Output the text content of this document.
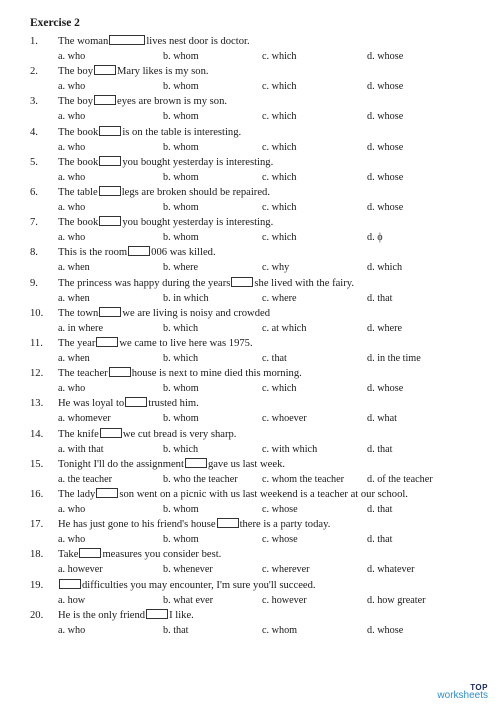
Exercise 2
1. The woman	lives nest door is doctor.
a. who	b. whom	c. which	d. whose
2. The boy Mary likes is my son.
a. who	b. whom	c. which	d. whose
3. The boy eyes are brown is my son.
a. who	b. whom	c. which	d. whose
4. The book is on the table is interesting.
a. who	b. whom	c. which	d. whose
5. The book you bought yesterday is interesting.
a. who	b. whom	c. which	d. whose
6. The table legs are broken should be repaired.
a. who	b. whom	c. which	d. whose
7. The book you bought yesterday is interesting.
a. who	b. whom	c. which	d. ϕ
8. This is the room 006 was killed.
a. when	b. where	c. why	d. which
9. The princess was happy during the years she lived with the fairy.
a. when	b. in which	c. where	d. that
10. The town we are living is noisy and crowded
a. in where	b. which	c. at which	d. where
11. The year we came to live here was 1975.
a. when	b. which	c. that	d. in the time
12. The teacher house is next to mine died this morning.
a. who	b. whom	c. which	d. whose
13. He was loyal to trusted him.
a. whomever	b. whom	c. whoever	d. what
14. The knife we cut bread is very sharp.
a. with that	b. which	c. with which	d. that
15. Tonight I'll do the assignment gave us last week.
a. the teacher	b. who the teacher c. whom the teacher d. of the teacher
16. The lady son went on a picnic with us last weekend is a teacher at our school.
a. who	b. whom	c. whose	d. that
17. He has just gone to his friend's house there is a party today.
a. who	b. whom	c. whose	d. that
18. Take measures you consider best.
a. however	b. whenever	c. wherever	d. whatever
19.	difficulties you may encounter, I'm sure you'll succeed.
a. how	b. what ever	c. however	d. how greater
20. He is the only friend I like.
a. who	b. that	c. whom	d. whose
TOP
worksheets
